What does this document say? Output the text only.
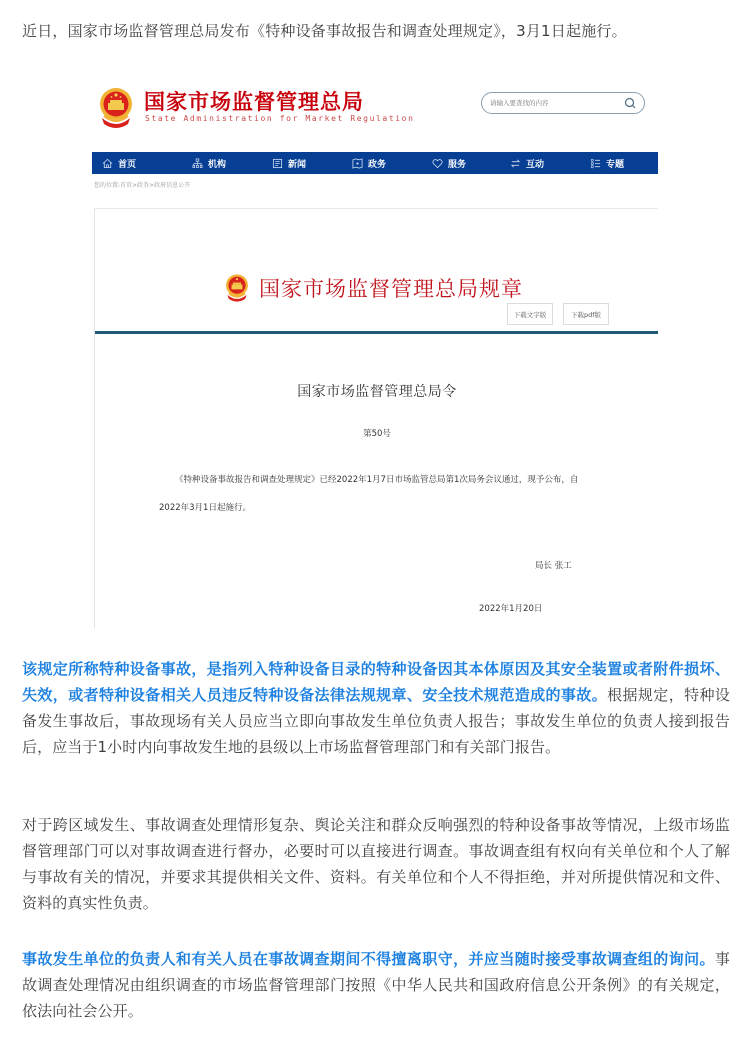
近日，国家市场监督管理总局发布《特种设备事故报告和调查处理规定》，3月1日起施行。
国家市场监督管理总局
State Administration for Market Regulation
请输入要查找的内容
首页	机构	新闻	政务	服务	互动	专题
您的位置:首页>政务>政府信息公开
国家市场监督管理总局规章
下载文字版	下载pdf版
国家市场监督管理总局令
第50号
《特种设备事故报告和调查处理规定》已经2022年1月7日市场监管总局第1次局务会议通过，现予公布，自2022年3月1日起施行。
局长 张工
2022年1月20日
该规定所称特种设备事故，是指列入特种设备目录的特种设备因其本体原因及其安全装置或者附件损坏、失效，或者特种设备相关人员违反特种设备法律法规规章、安全技术规范造成的事故。根据规定，特种设备发生事故后，事故现场有关人员应当立即向事故发生单位负责人报告；事故发生单位的负责人接到报告后，应当于1小时内向事故发生地的县级以上市场监督管理部门和有关部门报告。
对于跨区域发生、事故调查处理情形复杂、舆论关注和群众反响强烈的特种设备事故等情况，上级市场监督管理部门可以对事故调查进行督办，必要时可以直接进行调查。事故调查组有权向有关单位和个人了解与事故有关的情况，并要求其提供相关文件、资料。有关单位和个人不得拒绝，并对所提供情况和文件、资料的真实性负责。
事故发生单位的负责人和有关人员在事故调查期间不得擅离职守，并应当随时接受事故调查组的询问。事故调查处理情况由组织调查的市场监督管理部门按照《中华人民共和国政府信息公开条例》的有关规定，依法向社会公开。
